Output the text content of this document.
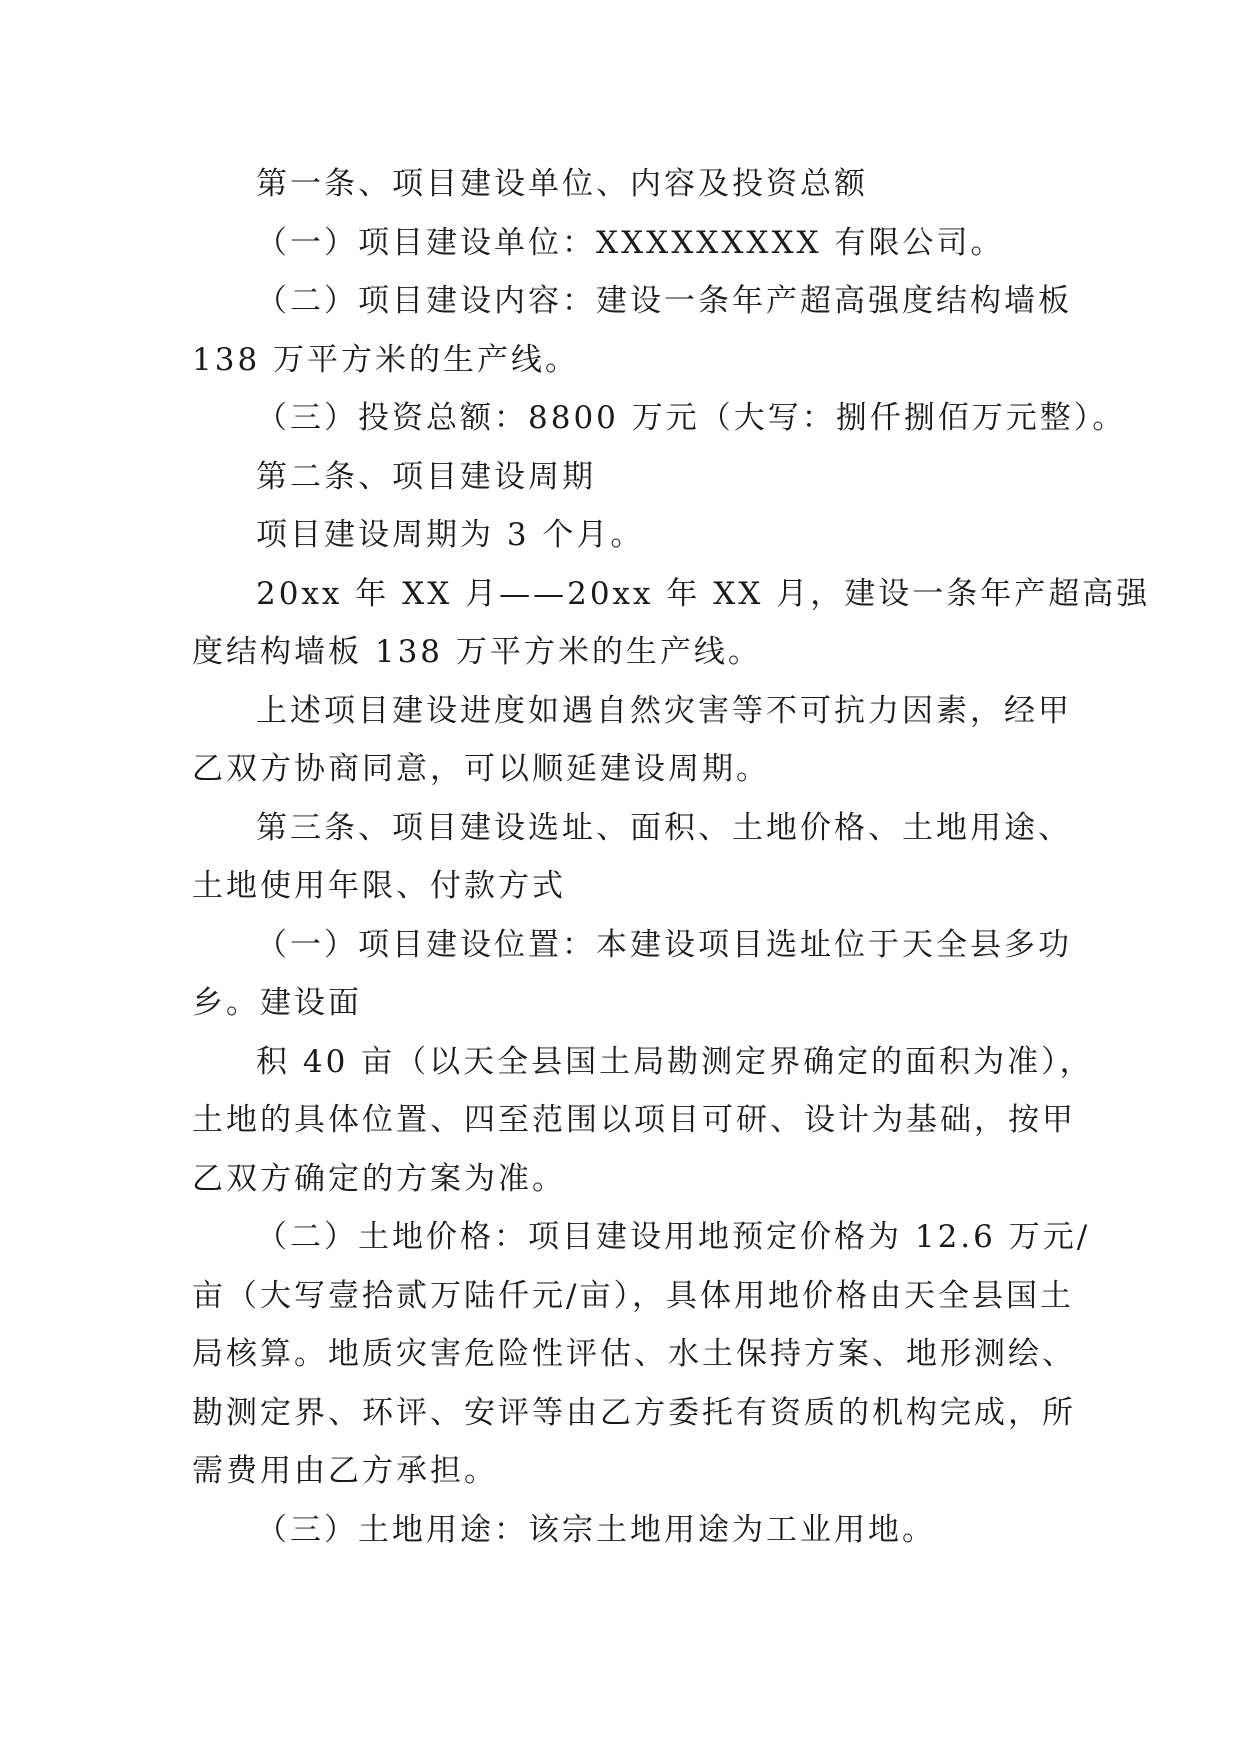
第一条、项目建设单位、内容及投资总额
（一）项目建设单位：XXXXXXXXX 有限公司。
（二）项目建设内容：建设一条年产超高强度结构墙板
138 万平方米的生产线。
（三）投资总额：8800 万元（大写：捌仟捌佰万元整）。
第二条、项目建设周期
项目建设周期为 3 个月。
20xx 年 XX 月——20xx 年 XX 月，建设一条年产超高强
度结构墙板 138 万平方米的生产线。
上述项目建设进度如遇自然灾害等不可抗力因素，经甲
乙双方协商同意，可以顺延建设周期。
第三条、项目建设选址、面积、土地价格、土地用途、
土地使用年限、付款方式
（一）项目建设位置：本建设项目选址位于天全县多功
乡。建设面
积 40 亩（以天全县国土局勘测定界确定的面积为准），
土地的具体位置、四至范围以项目可研、设计为基础，按甲
乙双方确定的方案为准。
（二）土地价格：项目建设用地预定价格为 12.6 万元/
亩（大写壹拾贰万陆仟元/亩），具体用地价格由天全县国土
局核算。地质灾害危险性评估、水土保持方案、地形测绘、
勘测定界、环评、安评等由乙方委托有资质的机构完成，所
需费用由乙方承担。
（三）土地用途：该宗土地用途为工业用地。
